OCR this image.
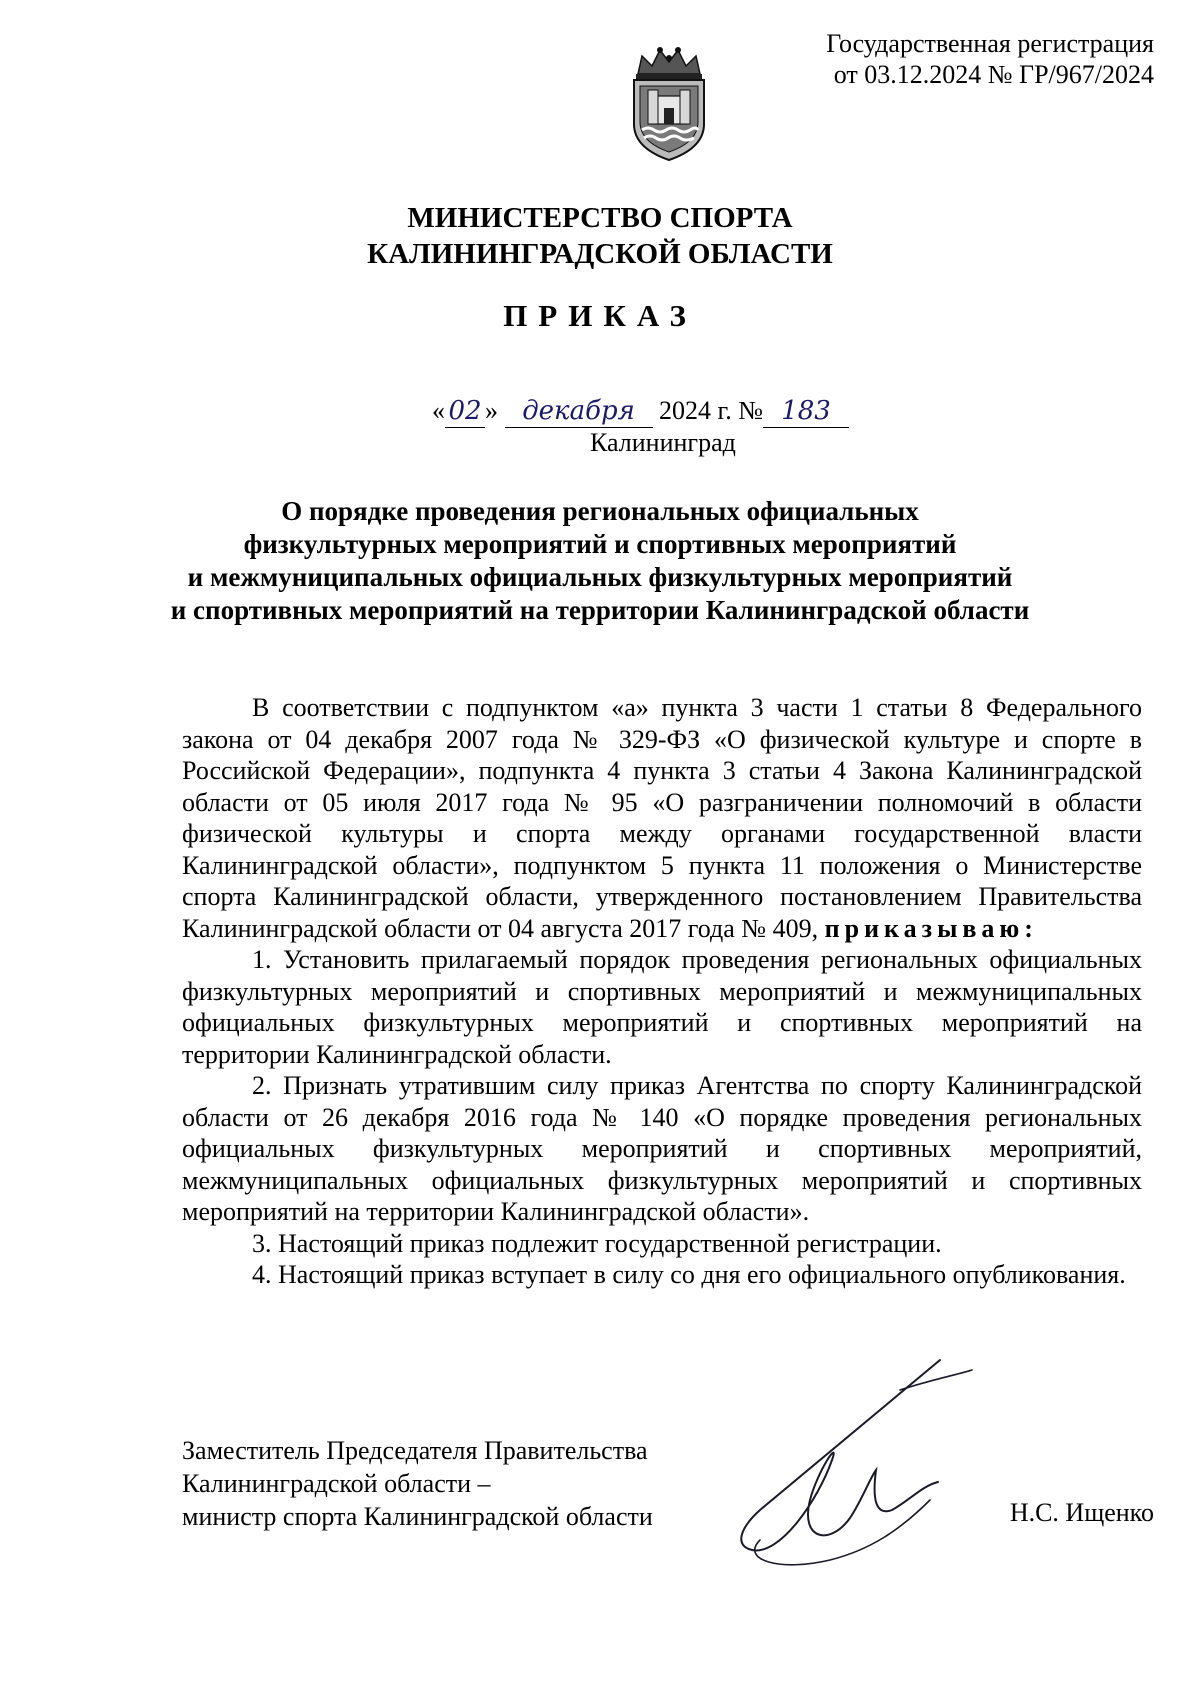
Государственная регистрация
от 03.12.2024 № ГР/967/2024
МИНИСТЕРСТВО СПОРТА
КАЛИНИНГРАДСКОЙ ОБЛАСТИ
ПРИКАЗ
« 02 » декабря 2024 г. № 183
Калининград
О порядке проведения региональных официальных
физкультурных мероприятий и спортивных мероприятий
и межмуниципальных официальных физкультурных мероприятий
и спортивных мероприятий на территории Калининградской области

В соответствии с подпунктом «а» пункта 3 части 1 статьи 8 Федерального закона от 04 декабря 2007 года № 329-ФЗ «О физической культуре и спорте в Российской Федерации», подпункта 4 пункта 3 статьи 4 Закона Калининградской области от 05 июля 2017 года № 95 «О разграничении полномочий в области физической культуры и спорта между органами государственной власти Калининградской области», подпунктом 5 пункта 11 положения о Министерстве спорта Калининградской области, утвержденного постановлением Правительства Калининградской области от 04 августа 2017 года № 409, приказываю:

1. Установить прилагаемый порядок проведения региональных официальных физкультурных мероприятий и спортивных мероприятий и межмуниципальных официальных физкультурных мероприятий и спортивных мероприятий на территории Калининградской области.

2. Признать утратившим силу приказ Агентства по спорту Калининградской области от 26 декабря 2016 года № 140 «О порядке проведения региональных официальных физкультурных мероприятий и спортивных мероприятий, межмуниципальных официальных физкультурных мероприятий и спортивных мероприятий на территории Калининградской области».

3. Настоящий приказ подлежит государственной регистрации.

4. Настоящий приказ вступает в силу со дня его официального опубликования.

Заместитель Председателя Правительства
Калининградской области –
министр спорта Калининградской области	Н.С. Ищенко
